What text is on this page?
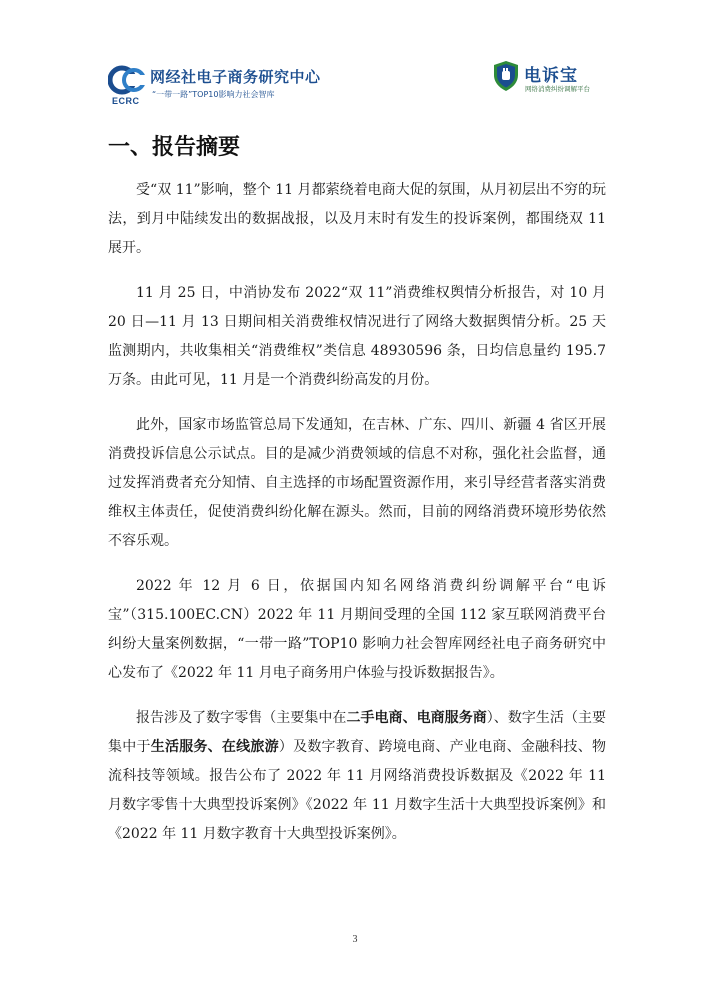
ECRC
网经社电子商务研究中心
“一带一路”TOP10影响力社会智库
电诉宝
网络消费纠纷调解平台
一、报告摘要

受“双 11”影响，整个 11 月都萦绕着电商大促的氛围，从月初层出不穷的玩法，到月中陆续发出的数据战报，以及月末时有发生的投诉案例，都围绕双 11 展开。

11 月 25 日，中消协发布 2022“双 11”消费维权舆情分析报告，对 10 月 20 日—11 月 13 日期间相关消费维权情况进行了网络大数据舆情分析。25 天监测期内，共收集相关“消费维权”类信息 48930596 条，日均信息量约 195.7 万条。由此可见，11 月是一个消费纠纷高发的月份。

此外，国家市场监管总局下发通知，在吉林、广东、四川、新疆 4 省区开展消费投诉信息公示试点。目的是减少消费领域的信息不对称，强化社会监督，通过发挥消费者充分知情、自主选择的市场配置资源作用，来引导经营者落实消费维权主体责任，促使消费纠纷化解在源头。然而，目前的网络消费环境形势依然不容乐观。

2022 年 12 月 6 日，依据国内知名网络消费纠纷调解平台“电诉宝”（315.100EC.CN）2022 年 11 月期间受理的全国 112 家互联网消费平台纠纷大量案例数据，“一带一路”TOP10 影响力社会智库网经社电子商务研究中心发布了《2022 年 11 月电子商务用户体验与投诉数据报告》。

报告涉及了数字零售（主要集中在二手电商、电商服务商）、数字生活（主要集中于生活服务、在线旅游）及数字教育、跨境电商、产业电商、金融科技、物流科技等领域。报告公布了 2022 年 11 月网络消费投诉数据及《2022 年 11 月数字零售十大典型投诉案例》《2022 年 11 月数字生活十大典型投诉案例》和《2022 年 11 月数字教育十大典型投诉案例》。

3
